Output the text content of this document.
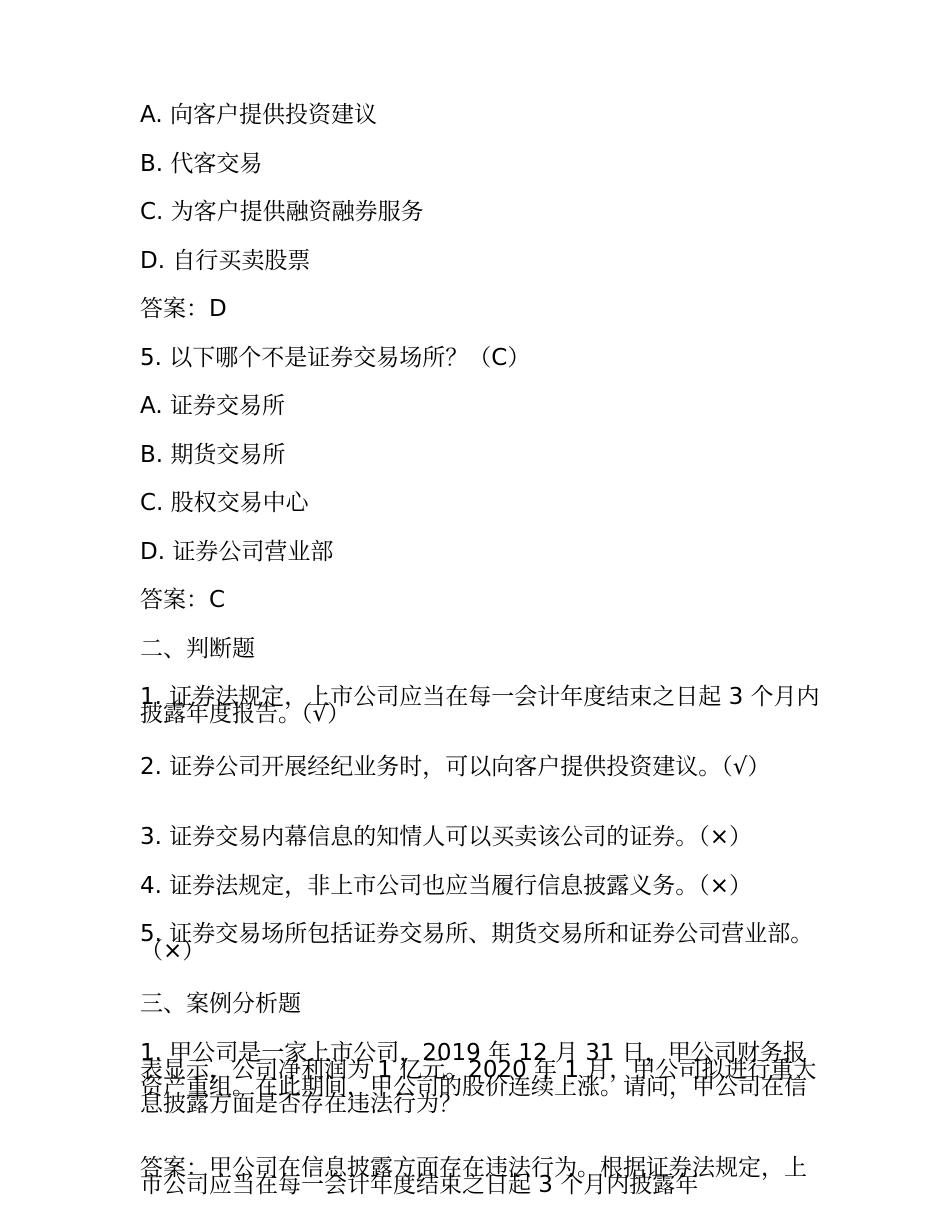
A. 向客户提供投资建议
B. 代客交易
C. 为客户提供融资融券服务
D. 自行买卖股票
答案：D
5. 以下哪个不是证券交易场所？（C）
A. 证券交易所
B. 期货交易所
C. 股权交易中心
D. 证券公司营业部
答案：C
二、判断题
1. 证券法规定，上市公司应当在每一会计年度结束之日起 3 个月内披露年度报告。（√）
2. 证券公司开展经纪业务时，可以向客户提供投资建议。（√）
3. 证券交易内幕信息的知情人可以买卖该公司的证券。（×）
4. 证券法规定，非上市公司也应当履行信息披露义务。（×）
5. 证券交易场所包括证券交易所、期货交易所和证券公司营业部。（×）
三、案例分析题
1. 甲公司是一家上市公司，2019 年 12 月 31 日，甲公司财务报表显示，公司净利润为 1 亿元。2020 年 1 月，甲公司拟进行重大资产重组。在此期间，甲公司的股价连续上涨。请问，甲公司在信息披露方面是否存在违法行为？
答案：甲公司在信息披露方面存在违法行为。根据证券法规定，上市公司应当在每一会计年度结束之日起 3 个月内披露年
